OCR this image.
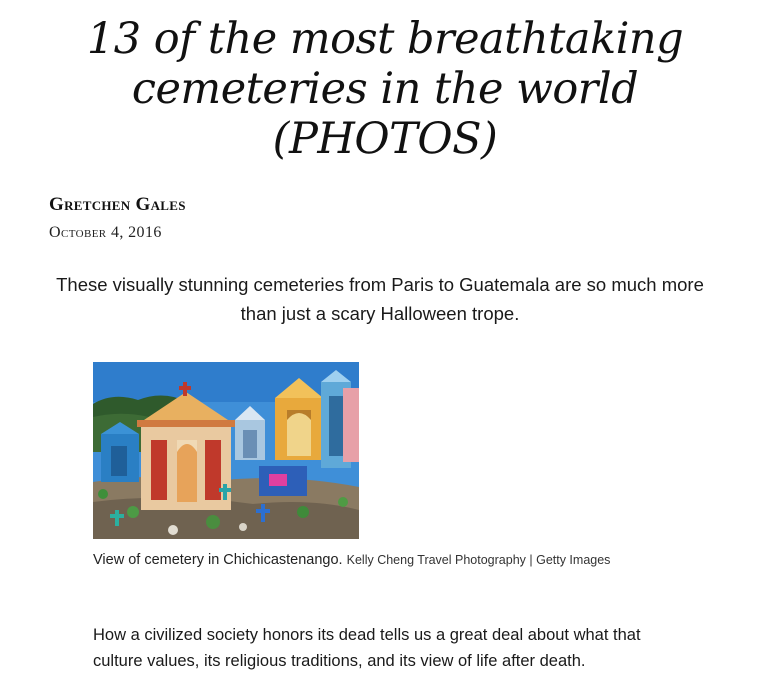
13 of the most breathtaking cemeteries in the world (PHOTOS)
Gretchen Gales
October 4, 2016

These visually stunning cemeteries from Paris to Guatemala are so much more than just a scary Halloween trope.

View of cemetery in Chichicastenango. Kelly Cheng Travel Photography | Getty Images

How a civilized society honors its dead tells us a great deal about what that culture values, its religious traditions, and its view of life after death.
